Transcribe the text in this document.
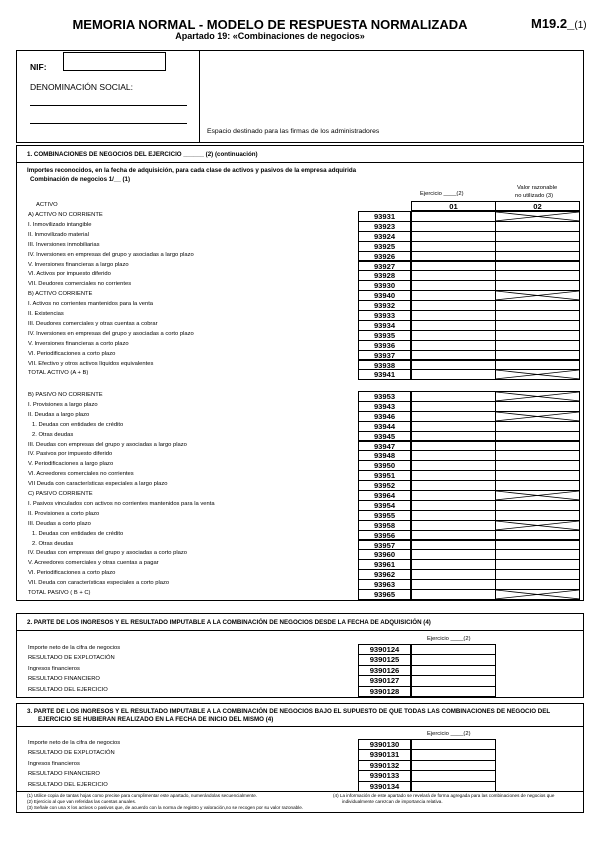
MEMORIA NORMAL - MODELO DE RESPUESTA NORMALIZADA
Apartado 19: «Combinaciones de negocios»
M19.2_(1)
NIF:
DENOMINACIÓN SOCIAL:
Espacio destinado para las firmas de los administradores
1. COMBINACIONES DE NEGOCIOS DEL EJERCICIO ______ (2) (continuación)
Importes reconocidos, en la fecha de adquisición, para cada clase de activos y pasivos de la empresa adquirida
Combinación de negocios 1/__ (1)
Ejercicio ____(2)
Valor razonable
no utilizado (3)
ACTIVO	01	02
A) ACTIVO NO CORRIENTE	93931
I. Inmovilizado intangible	93923
II. Inmovilizado material	93924
III. Inversiones inmobiliarias	93925
IV. Inversiones en empresas del grupo y asociadas a largo plazo	93926
V. Inversiones financieras a largo plazo	93927
VI. Activos por impuesto diferido	93928
VII. Deudores comerciales no corrientes	93930
B) ACTIVO CORRIENTE	93940
I. Activos no corrientes mantenidos para la venta	93932
II. Existencias	93933
III. Deudores comerciales y otras cuentas a cobrar	93934
IV. Inversiones en empresas del grupo y asociadas a corto plazo	93935
V. Inversiones financieras a corto plazo	93936
VI. Periodificaciones a corto plazo	93937
VII. Efectivo y otros activos líquidos equivalentes	93938
TOTAL ACTIVO (A + B)	93941
B) PASIVO NO CORRIENTE	93953
I. Provisiones a largo plazo	93943
II. Deudas a largo plazo	93946
1. Deudas con entidades de crédito	93944
2. Otras deudas	93945
III. Deudas con empresas del grupo y asociadas a largo plazo	93947
IV. Pasivos por impuesto diferido	93948
V. Periodificaciones a largo plazo	93950
VI. Acreedores comerciales no corrientes	93951
VII Deuda con características especiales a largo plazo	93952
C) PASIVO CORRIENTE	93964
I. Pasivos vinculados con activos no corrientes mantenidos para la venta	93954
II. Provisiones a corto plazo	93955
III. Deudas a corto plazo	93958
1. Deudas con entidades de crédito	93956
2. Otras deudas	93957
IV. Deudas con empresas del grupo y asociadas a corto plazo	93960
V. Acreedores comerciales y otras cuentas a pagar	93961
VI. Periodificaciones a corto plazo	93962
VII. Deuda con características especiales a corto plazo	93963
TOTAL PASIVO ( B + C)	93965
2. PARTE DE LOS INGRESOS Y EL RESULTADO IMPUTABLE A LA COMBINACIÓN DE NEGOCIOS DESDE LA FECHA DE ADQUISICIÓN (4)
Ejercicio ____(2)
Importe neto de la cifra de negocios	9390124
RESULTADO DE EXPLOTACIÓN	9390125
Ingresos financieros	9390126
RESULTADO FINANCIERO	9390127
RESULTADO DEL EJERCICIO	9390128
3. PARTE DE LOS INGRESOS Y EL RESULTADO IMPUTABLE A LA COMBINACIÓN DE NEGOCIOS BAJO EL SUPUESTO DE QUE TODAS LAS COMBINACIONES DE NEGOCIO DEL
EJERCICIO SE HUBIERAN REALIZADO EN LA FECHA DE INICIO DEL MISMO (4)
Ejercicio ____(2)
Importe neto de la cifra de negocios	9390130
RESULTADO DE EXPLOTACIÓN	9390131
Ingresos financieros	9390132
RESULTADO FINANCIERO	9390133
RESULTADO DEL EJERCICIO	9390134
(1) Utilice copia de tantas hojas como precise para cumplimentar este apartado, numerándolas secuencialmente.
(2) Ejercicio al que van referidas las cuentas anuales.
(3) Señale con una X los activos o pasivos que, de acuerdo con la norma de registro y valoración,no se recogen por su valor razonable.
(4) La información de este apartado se revelará de forma agregada para las combinaciones de negocios que
individualmente carezcan de importancia relativa.
